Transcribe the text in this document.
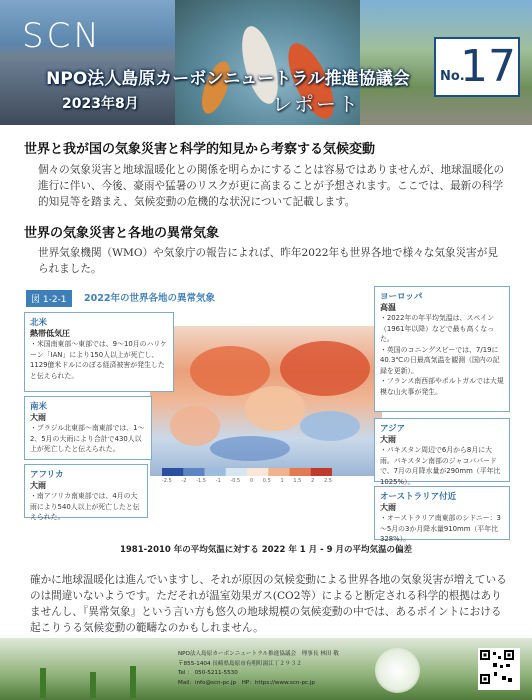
SCN
NPO法人島原カーボンニュートラル推進協議会
2023年8月	レポート
No.
17
世界と我が国の気象災害と科学的知見から考察する気候変動

個々の気象災害と地球温暖化との関係を明らかにすることは容易ではありませんが、地球温暖化の進行に伴い、今後、豪雨や猛暑のリスクが更に高まることが予想されます。ここでは、最新の科学的知見等を踏まえ、気候変動の危機的な状況について記載します。

世界の気象災害と各地の異常気象

世界気象機関（WMO）や気象庁の報告によれば、昨年2022年も世界各地で様々な気象災害が見られました。

図 1-2-1	2022年の世界各地の異常気象
-2.5 -2 -1.5 -1 -0.5 0 0.5 1 1.5 2 2.5
北米
熱帯低気圧
・米国南東部～東部では、9～10月のハリケーン「IAN」により150人以上が死亡し、1129億米ドルにのぼる経済被害が発生したと伝えられた。
南米
大雨
・ブラジル北東部～南東部では、1～2、5月の大雨により合計で430人以上が死亡したと伝えられた。
アフリカ
大雨
・南アフリカ南東部では、4月の大雨により540人以上が死亡したと伝えられた。
ヨーロッパ
高温
・2022年の年平均気温は、スペイン（1961年以降）などで最も高くなった。
・英国のコニングスビーでは、7/19に40.3℃の日最高気温を観測（国内の記録を更新）。
・フランス南西部やポルトガルでは大規模な山火事が発生。
アジア
大雨
・パキスタン周辺で6月から8月に大雨。パキスタン南部のジャコババードで、7月の月降水量が290mm（平年比1025%）。
オーストラリア付近
大雨
・オーストラリア南東部のシドニー：3～5月の3か月降水量910mm（平年比328%）。
1981-2010 年の平均気温に対する 2022 年 1 月 - 9 月の平均気温の偏差

確かに地球温暖化は進んでいますし、それが原因の気候変動による世界各地の気象災害が増えているのは間違いないようです。ただそれが温室効果ガス(CO2等）によると断定される科学的根拠はありませんし、『異常気象』という言い方も悠久の地球規模の気候変動の中では、あるポイントにおける起こりうる気候変動の範疇なのかもしれません。

NPO法人島原カーボンニュートラル推進協議会　理事長 林田 敬
〒855-1404 長崎県島原市有明町湯江丁２９３２
Tel ： 050-5211-5530
Mail：info@scn-pc.jp　HP：https://www.scn-pc.jp
